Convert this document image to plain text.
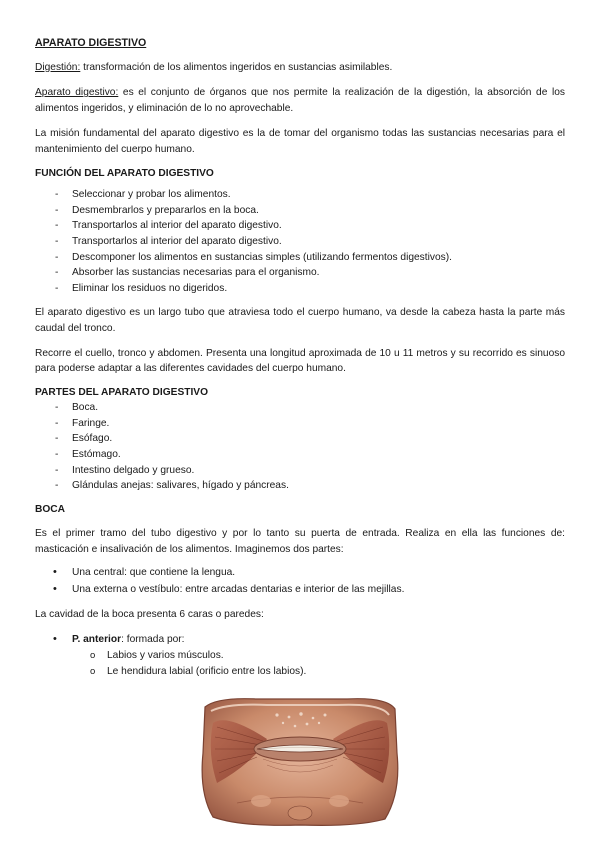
APARATO DIGESTIVO

Digestión: transformación de los alimentos ingeridos en sustancias asimilables.

Aparato digestivo: es el conjunto de órganos que nos permite la realización de la digestión, la absorción de los alimentos ingeridos, y eliminación de lo no aprovechable.

La misión fundamental del aparato digestivo es la de tomar del organismo todas las sustancias necesarias para el mantenimiento del cuerpo humano.

FUNCIÓN DEL APARATO DIGESTIVO
- Seleccionar y probar los alimentos.
- Desmembrarlos y prepararlos en la boca.
- Transportarlos al interior del aparato digestivo.
- Transportarlos al interior del aparato digestivo.
- Descomponer los alimentos en sustancias simples (utilizando fermentos digestivos).
- Absorber las sustancias necesarias para el organismo.
- Eliminar los residuos no digeridos.

El aparato digestivo es un largo tubo que atraviesa todo el cuerpo humano, va desde la cabeza hasta la parte más caudal del tronco.

Recorre el cuello, tronco y abdomen. Presenta una longitud aproximada de 10 u 11 metros y su recorrido es sinuoso para poderse adaptar a las diferentes cavidades del cuerpo humano.

PARTES DEL APARATO DIGESTIVO
- Boca.
- Faringe.
- Esófago.
- Estómago.
- Intestino delgado y grueso.
- Glándulas anejas: salivares, hígado y páncreas.
BOCA

Es el primer tramo del tubo digestivo y por lo tanto su puerta de entrada. Realiza en ella las funciones de: masticación e insalivación de los alimentos. Imaginemos dos partes:

• Una central: que contiene la lengua.
• Una externa o vestíbulo: entre arcadas dentarias e interior de las mejillas.

La cavidad de la boca presenta 6 caras o paredes:

• P. anterior: formada por:
o Labios y varios músculos.
o Le hendidura labial (orificio entre los labios).
